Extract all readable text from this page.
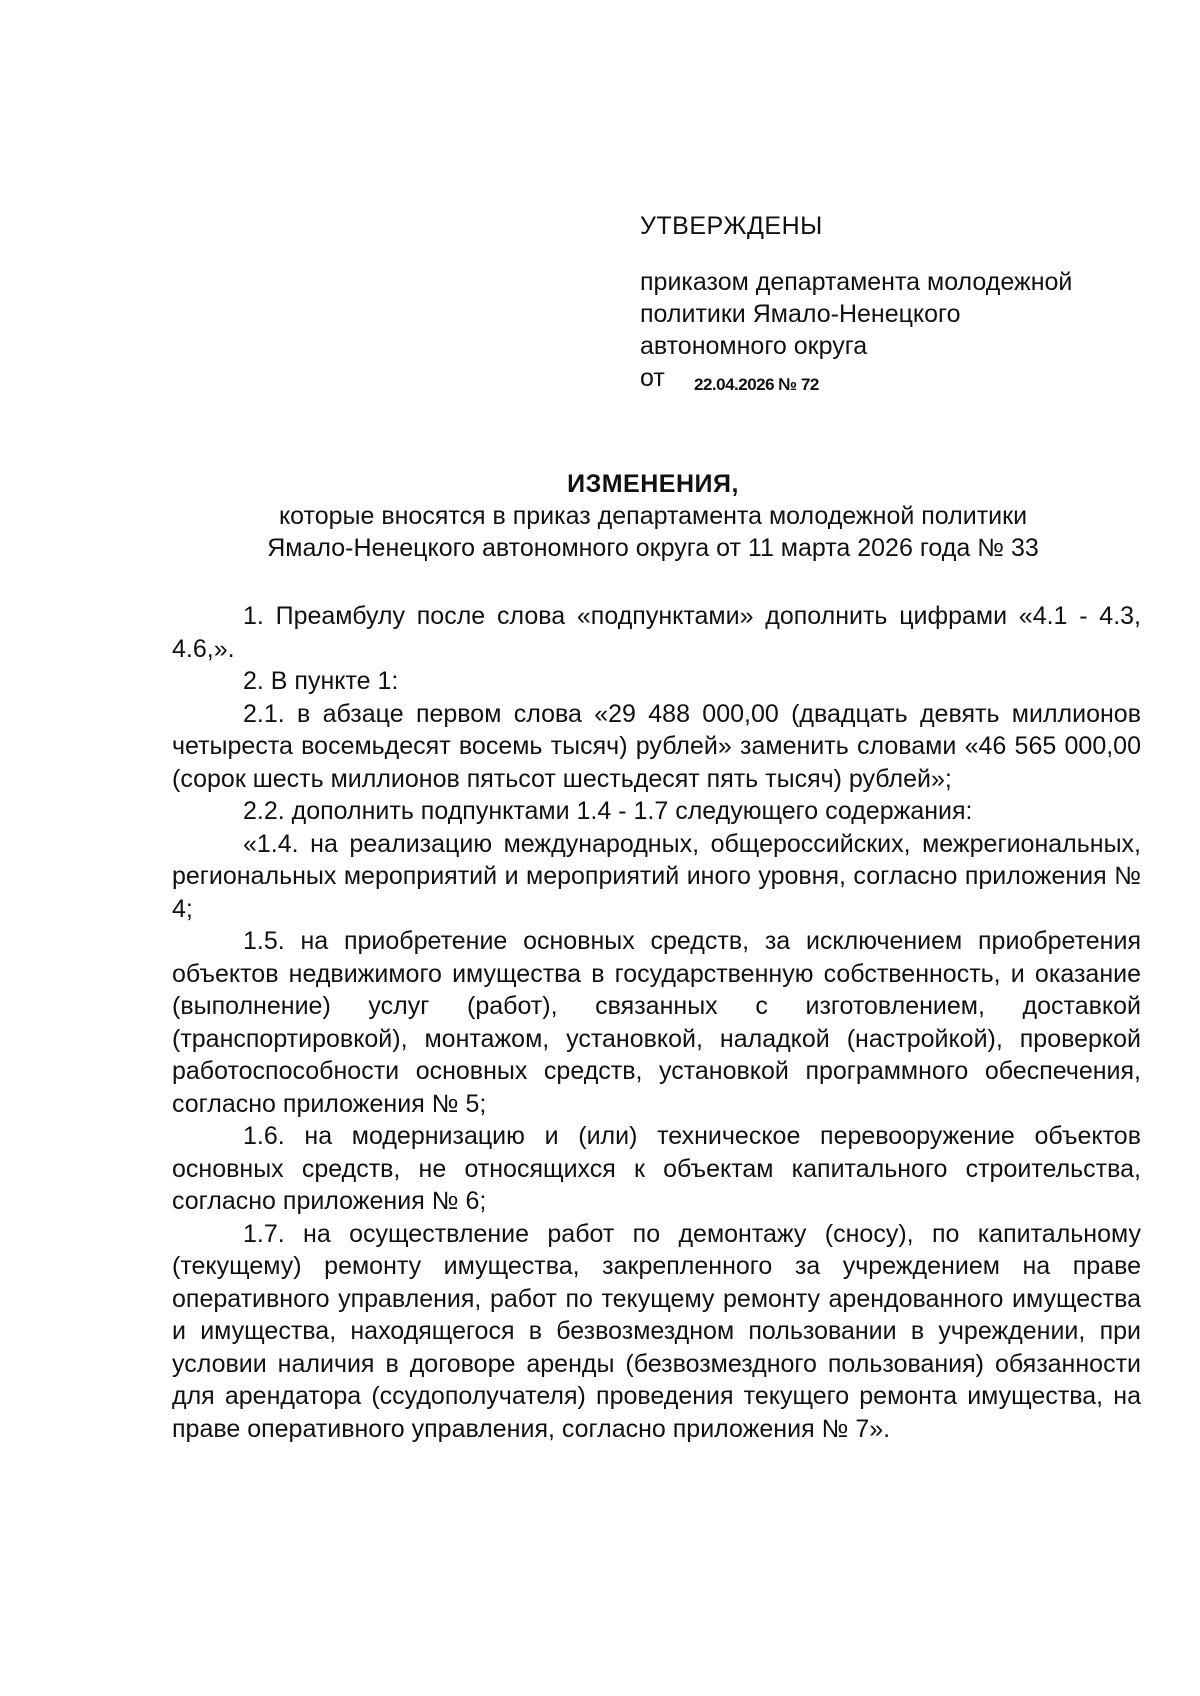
УТВЕРЖДЕНЫ
приказом департамента молодежной
политики Ямало-Ненецкого
автономного округа
от 22.04.2026 № 72
ИЗМЕНЕНИЯ,
которые вносятся в приказ департамента молодежной политики
Ямало-Ненецкого автономного округа от 11 марта 2026 года № 33

1. Преамбулу после слова «подпунктами» дополнить цифрами «4.1 - 4.3, 4.6,».

2. В пункте 1:

2.1. в абзаце первом слова «29 488 000,00 (двадцать девять миллионов четыреста восемьдесят восемь тысяч) рублей» заменить словами «46 565 000,00 (сорок шесть миллионов пятьсот шестьдесят пять тысяч) рублей»;

2.2. дополнить подпунктами 1.4 - 1.7 следующего содержания:

«1.4. на реализацию международных, общероссийских, межрегиональных, региональных мероприятий и мероприятий иного уровня, согласно приложения № 4;

1.5. на приобретение основных средств, за исключением приобретения объектов недвижимого имущества в государственную собственность, и оказание (выполнение) услуг (работ), связанных с изготовлением, доставкой (транспортировкой), монтажом, установкой, наладкой (настройкой), проверкой работоспособности основных средств, установкой программного обеспечения, согласно приложения № 5;

1.6. на модернизацию и (или) техническое перевооружение объектов основных средств, не относящихся к объектам капитального строительства, согласно приложения № 6;

1.7. на осуществление работ по демонтажу (сносу), по капитальному (текущему) ремонту имущества, закрепленного за учреждением на праве оперативного управления, работ по текущему ремонту арендованного имущества и имущества, находящегося в безвозмездном пользовании в учреждении, при условии наличия в договоре аренды (безвозмездного пользования) обязанности для арендатора (ссудополучателя) проведения текущего ремонта имущества, на праве оперативного управления, согласно приложения № 7».
